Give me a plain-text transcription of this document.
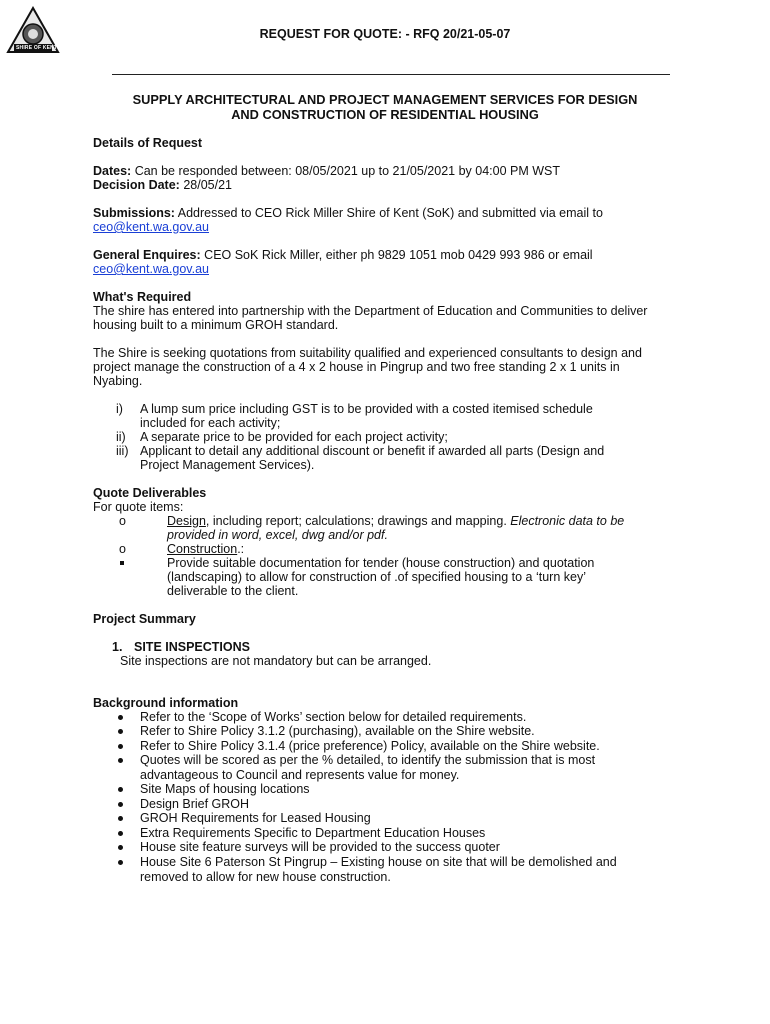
SHIRE OF KENT
REQUEST FOR QUOTE: - RFQ 20/21-05-07
SUPPLY ARCHITECTURAL AND PROJECT MANAGEMENT SERVICES FOR DESIGN
AND CONSTRUCTION OF RESIDENTIAL HOUSING
Details of Request
Dates: Can be responded between: 08/05/2021 up to 21/05/2021 by 04:00 PM WST
Decision Date: 28/05/21
Submissions: Addressed to CEO Rick Miller Shire of Kent (SoK) and submitted via email to
ceo@kent.wa.gov.au
General Enquires: CEO SoK Rick Miller, either ph 9829 1051 mob 0429 993 986 or email
ceo@kent.wa.gov.au
What's Required
The shire has entered into partnership with the Department of Education and Communities to deliver
housing built to a minimum GROH standard.
The Shire is seeking quotations from suitability qualified and experienced consultants to design and
project manage the construction of a 4 x 2 house in Pingrup and two free standing 2 x 1 units in
Nyabing.
i) A lump sum price including GST is to be provided with a costed itemised schedule
included for each activity;
ii) A separate price to be provided for each project activity;
iii) Applicant to detail any additional discount or benefit if awarded all parts (Design and
Project Management Services).
Quote Deliverables
For quote items:
o	Design, including report; calculations; drawings and mapping. Electronic data to be
provided in word, excel, dwg and/or pdf.
o	Construction.:
Provide suitable documentation for tender (house construction) and quotation
(landscaping) to allow for construction of .of specified housing to a ‘turn key’
deliverable to the client.
Project Summary
1. SITE INSPECTIONS
Site inspections are not mandatory but can be arranged.
Background information
Refer to the ‘Scope of Works’ section below for detailed requirements.
Refer to Shire Policy 3.1.2 (purchasing), available on the Shire website.
Refer to Shire Policy 3.1.4 (price preference) Policy, available on the Shire website.
Quotes will be scored as per the % detailed, to identify the submission that is most
advantageous to Council and represents value for money.
Site Maps of housing locations
Design Brief GROH
GROH Requirements for Leased Housing
Extra Requirements Specific to Department Education Houses
House site feature surveys will be provided to the success quoter
House Site 6 Paterson St Pingrup – Existing house on site that will be demolished and
removed to allow for new house construction.
